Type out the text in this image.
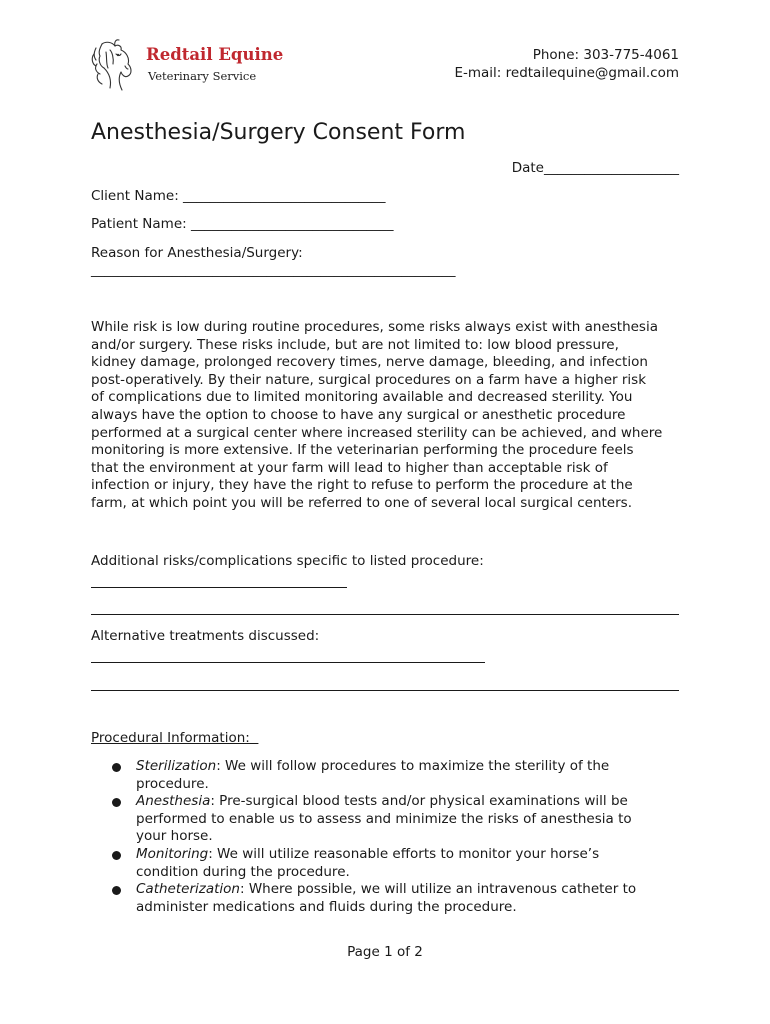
Redtail Equine
Veterinary Service
Phone: 303-775-4061
E-mail: redtailequine@gmail.com
Anesthesia/Surgery Consent Form
Date____________________
Client Name: ______________________________
Patient Name: ______________________________
Reason for Anesthesia/Surgery:
______________________________________________________

While risk is low during routine procedures, some risks always exist with anesthesia
and/or surgery. These risks include, but are not limited to: low blood pressure,
kidney damage, prolonged recovery times, nerve damage, bleeding, and infection
post-operatively. By their nature, surgical procedures on a farm have a higher risk
of complications due to limited monitoring available and decreased sterility. You
always have the option to choose to have any surgical or anesthetic procedure
performed at a surgical center where increased sterility can be achieved, and where
monitoring is more extensive. If the veterinarian performing the procedure feels
that the environment at your farm will lead to higher than acceptable risk of
infection or injury, they have the right to refuse to perform the procedure at the
farm, at which point you will be referred to one of several local surgical centers.

Additional risks/complications specific to listed procedure:
Alternative treatments discussed:
Procedural Information:
Sterilization: We will follow procedures to maximize the sterility of the
procedure.
Anesthesia: Pre-surgical blood tests and/or physical examinations will be
performed to enable us to assess and minimize the risks of anesthesia to
your horse.
Monitoring: We will utilize reasonable efforts to monitor your horse’s
condition during the procedure.
Catheterization: Where possible, we will utilize an intravenous catheter to
administer medications and fluids during the procedure.
Page 1 of 2
